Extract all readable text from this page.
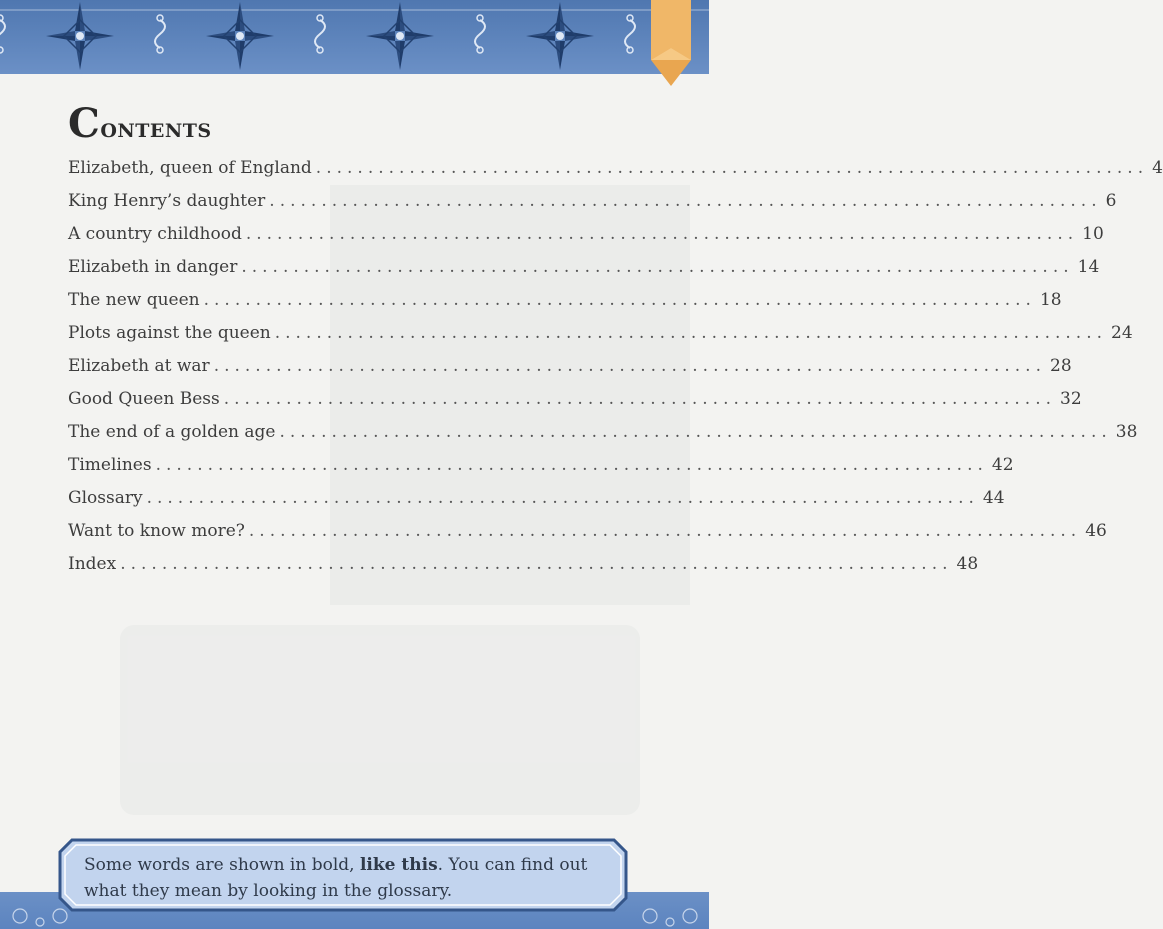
Contents
Elizabeth, queen of England ................................................................................ 4
King Henry’s daughter ................................................................................ 6
A country childhood ................................................................................ 10
Elizabeth in danger ................................................................................ 14
The new queen ................................................................................ 18
Plots against the queen ................................................................................ 24
Elizabeth at war ................................................................................ 28
Good Queen Bess ................................................................................ 32
The end of a golden age ................................................................................ 38
Timelines ................................................................................ 42
Glossary ................................................................................ 44
Want to know more? ................................................................................ 46
Index ................................................................................ 48

Some words are shown in bold, like this. You can find out what they mean by looking in the glossary.
